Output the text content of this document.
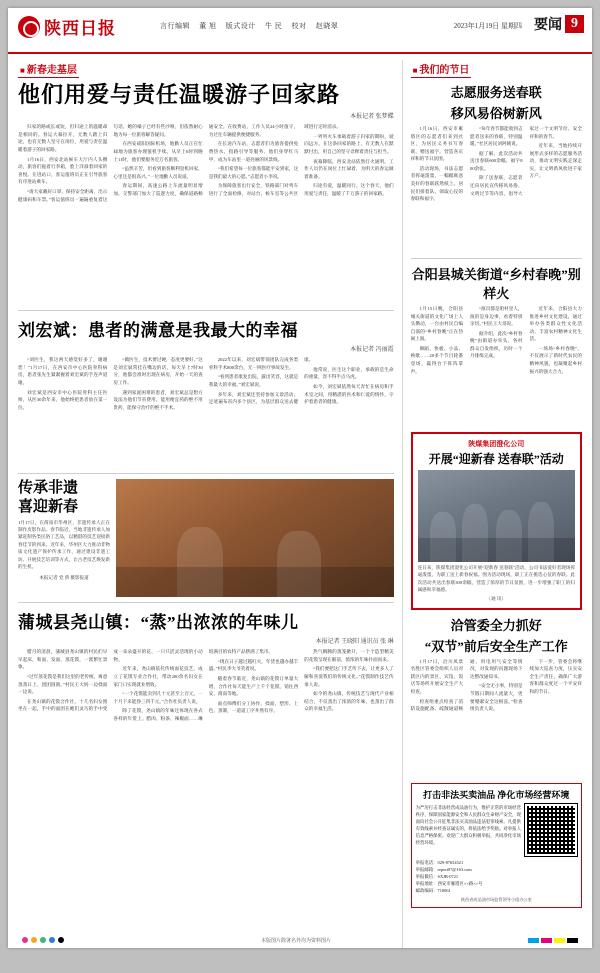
陕西日报	言行编辑 董 旭 版式设计 牛 民 校对 赵晓翠	2023年1月19日 星期四 要闻 9
■ 新春走基层
他们用爱与责任温暖游子回家路
本报记者 张梦蝶

归家的路或长或短，但归途上的温暖却是相同的。春运大幕拉开，无数人踏上归途，也有无数人坚守在岗位，用爱与责任温暖着游子的回家路。

1月16日，西安北站候车大厅内人头攒动，旅客们拖着行李箱，脸上洋溢着回家的喜悦。在进站口，客运值班员正在引导旅客有序进站乘车。

“请大家戴好口罩，保持安全距离，出示健康码和车票。”客运值班员一遍遍重复着这句话。她的嗓子已经有些沙哑，但依然耐心地为每一位旅客解答疑问。

在西安咸阳国际机场，地勤人员正在忙碌地为旅客办理值机手续。从早上6时到晚上11时，他们要服务近万名旅客。

“虽然辛苦，但看到旅客顺利登机回家，心里还是很高兴。”一位地勤人员说道。

春运期间，高速公路上车流量明显增加。交警部门加大了巡逻力度，确保道路畅通安全。在收费站，工作人员24小时值守，为过往车辆提供便捷服务。

在长途汽车站，志愿者们为旅客提供免费热水、指路引导等服务。他们身穿红马甲，成为车站里一道亮丽的风景线。

“我们希望每一位旅客都能平安到家，这是我们最大的心愿。”志愿者小李说。

为保障旅客出行安全，铁路部门对列车进行了全面检修，对站台、候车室等公共区域进行定时消杀。

一列列火车承载着游子归家的期盼，驶向远方。在这条回家的路上，有无数人在默默付出，用自己的坚守诠释着责任与担当。

夜幕降临，西安北站依然灯火通明。工作人员仍在岗位上忙碌着，为明天的春运做着准备。

归途有爱，温暖同行。这个春天，他们用爱与责任，温暖了千万游子的回家路。

刘宏斌：患者的满意是我最大的幸福
本报记者 冯丽霞

“刘医生，我这两天感觉好多了，谢谢您！”1月17日，在西安市中心医院骨科病房，患者张先生紧紧握着刘宏斌的手连声道谢。

刘宏斌是西安市中心医院骨科主任医师，从医30余年来，他始终把患者放在第一位。

“做医生，技术要过硬，态度更要好。”这是刘宏斌常挂在嘴边的话。每天早上7时30分，他都会准时出现在病房，开始一天的查房工作。

遇到家庭困难的患者，刘宏斌总是想方设法为他们节省费用。能用便宜药的绝不用贵药，能保守治疗的绝不手术。

2022年以来，刘宏斌带领团队完成各类骨科手术800余台，无一例医疗事故发生。

“看到患者康复出院，露出笑容，这就是我最大的幸福。”刘宏斌说。

多年来，刘宏斌还坚持参加义诊活动，足迹遍布省内多个县区，为基层群众送去健康。

他常说，医生这个职业，承载的是生命的重量，容不得半点马虎。

如今，刘宏斌依然每天奔忙在病房和手术室之间，用精湛的医术和仁爱的情怀，守护着患者的健康。

传承非遗
喜迎新春
1月17日，在渭南市华州区，非遗传承人正在制作皮影作品。春节临近，当地非遗传承人加紧赶制各类民俗工艺品，以精湛的技艺迎接新春佳节的到来。近年来，华州区大力推动非物质文化遗产保护传承工作，通过建设非遗工坊、开展技艺培训等方式，让古老技艺焕发新的生机。
本报记者 党 骄 摄影报道
蒲城县尧山镇：“蒸”出浓浓的年味儿
本报记者 王晓阳 通讯员 张 琳

腊月的清晨，蒲城县尧山镇的村民们早早起床，和面、发面、蒸花馍，一派繁忙景象。

“过年蒸花馍是我们这里的老传统，寓意蒸蒸日上、团团圆圆。”村民王大妈一边揉面一边说。

在尧山镇的花馍合作社，十几名妇女围坐在一起，手中的面团在她们灵巧的手中变成一朵朵盛开的花、一只只活灵活现的小动物。

近年来，尧山镇依托传统面花技艺，成立了花馍专业合作社，带动200余名妇女在家门口实现就业增收。

“一个花馍能卖到几十元甚至上百元，一个月下来能挣三四千元。”合作社负责人说。

除了花馍，尧山镇的年味还体现在各式各样的年货上。腊肉、粉条、辣椒面……琳琅满目的农特产品摆满了集市。

“现在日子越过越红火，年货也越办越丰盛。”村民李大爷笑着说。

随着春节临近，尧山镇的花馍订单量大增，合作社每天能生产上千个花馍，销往西安、渭南等地。

面点师傅们分工协作，揉面、塑形、上色、蒸制，一道道工序井然有序。

热气腾腾的蒸笼掀开，一个个造型精美的花馍呈现在眼前，浓浓的年味扑面而来。

“我们要把这门手艺传下去，让更多人了解和喜爱我们的传统文化。”花馍制作技艺传承人说。

如今的尧山镇，传统技艺与现代产业相结合，不仅蒸出了浓浓的年味，也蒸出了群众的幸福生活。

■ 我们的节日
志愿服务送春联
移风易俗树新风

1月16日，西安市雁塔区的志愿者们来到社区，为居民义务书写春联、赠送福字，营造喜庆祥和的节日氛围。

活动现场，书法志愿者挥毫泼墨，一幅幅寓意美好的春联跃然纸上。居民们排着队，领取心仪的春联和福字。

“每年春节都能收到志愿者送来的春联，特别温暖。”社区居民刘阿姨说。

据了解，此次活动共送出春联600余幅、福字800余张。

除了送春联，志愿者还向居民宣传移风易俗、文明过节等内容，倡导大家过一个文明节俭、安全祥和的春节。

近年来，当地持续开展形式多样的志愿服务活动，推动文明实践走深走实，让文明新风吹进千家万户。

合阳县城关街道“乡村春晚”别样火

1月15日晚，合阳县城关街道的文化广场上人头攒动，一台由村民自编自演的“乡村春晚”正在热闹上演。

舞蹈、快板、小品、秧歌……20多个节目轮番登场，赢得台下阵阵掌声。

“演员都是咱村里人，演的是身边事，看着特别亲切。”村民王大哥说。

据介绍，此次“乡村春晚”由街道办牵头，各村群众自发组织，历时一个月排练完成。

近年来，合阳县大力推进乡村文化建设，通过举办各类群众性文化活动，丰富农村精神文化生活。

一场场“乡村春晚”，不仅展示了新时代农民的精神风貌，也凝聚起乡村振兴的强大合力。

陕煤集团澄化公司
开展“迎新春 送春联”活动
连日来，陕煤集团澄化公司开展“迎新春 送春联”活动，公司书法爱好者现场挥毫泼墨，为职工送上新春祝福。图为活动现场，职工正在挑选心仪的春联。此次活动共送出春联300余幅，营造了浓厚的节日氛围，进一步增强了职工的归属感和幸福感。
（通 讯）
洽管委全力抓好
“双节”前后安全生产工作

1月17日，洽川风景名胜区管委会组织人员对辖区内的景区、宾馆、饭店等场所开展安全生产大检查。

检查组重点检查了消防设施配备、疏散通道畅通、用电用气安全等情况，对发现的问题现场下达整改通知书。

“安全无小事，特别是节假日期间人流量大，更要绷紧安全这根弦。”检查组负责人说。

下一步，管委会将继续加大巡查力度，压实安全生产责任，确保广大游客和群众度过一个平安祥和的节日。

打击非法买卖油品 净化市场经营环境
为严厉打击非法经营成品油行为，维护正常的市场经营秩序，保障国家能源安全和人民群众生命财产安全，现面向社会公开征集非法买卖油品违法犯罪线索。凡提供有效线索并经查证属实的，将依法给予奖励。对举报人信息严格保密。欢迎广大群众积极举报，共同净化市场经营环境。
举报电话：029-87654321
举报邮箱：report07@163.com
举报微信：SXJB-0721
举报地址：西安市雁塔区××路××号
邮政编码：710061
陕西省成品油市场监管领导小组办公室
本版图片除署名外均为资料图片
